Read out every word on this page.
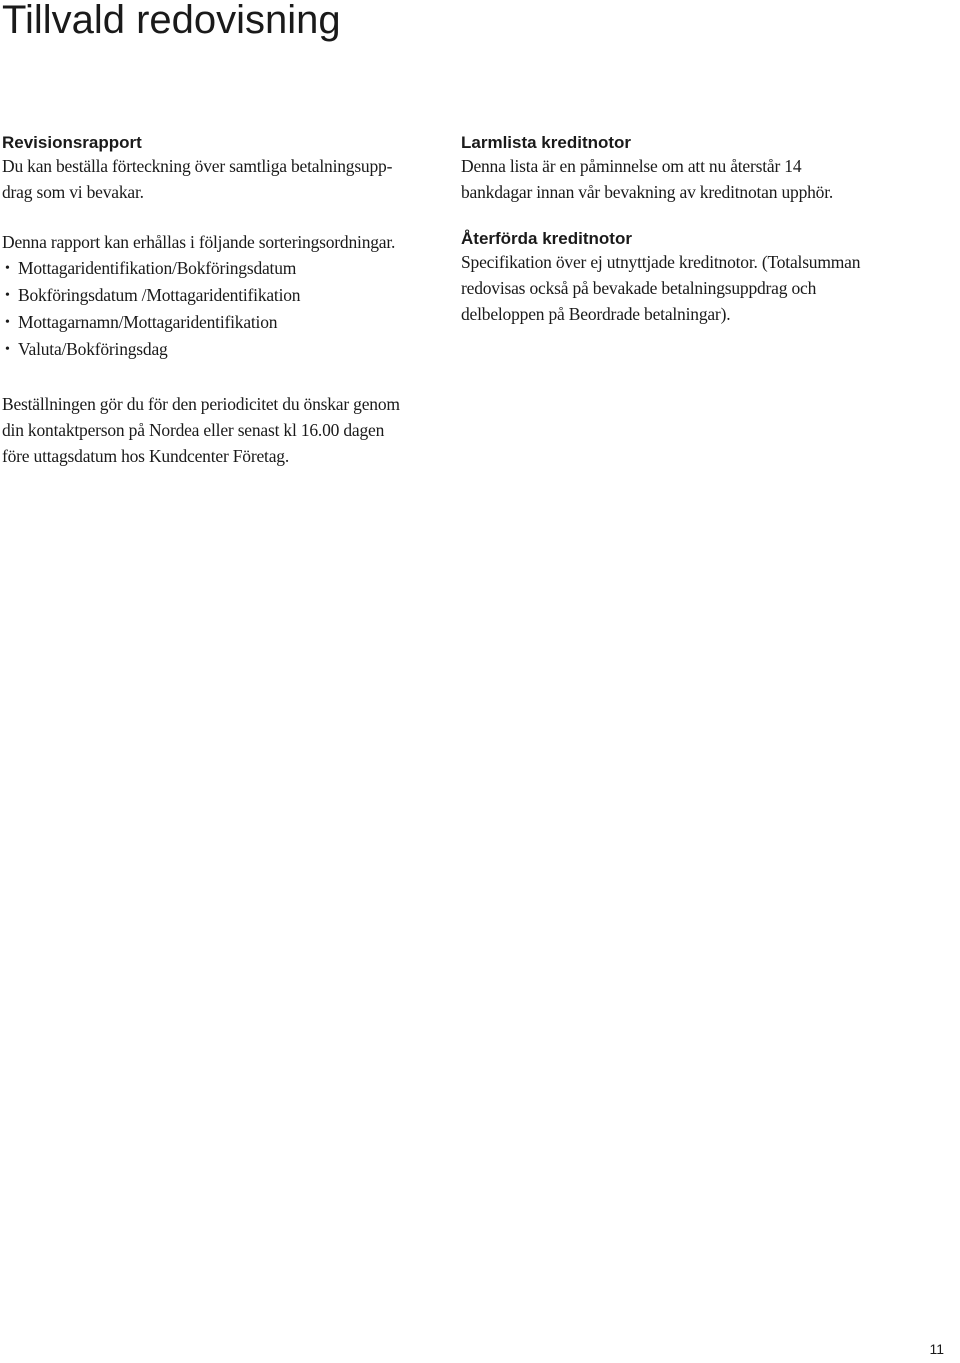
Tillvald redovisning
Revisionsrapport

Du kan beställa förteckning över samtliga betalningsupp-
drag som vi bevakar.

Denna rapport kan erhållas i följande sorteringsordningar.

• Mottagaridentifikation/Bokföringsdatum
• Bokföringsdatum /Mottagaridentifikation
• Mottagarnamn/Mottagaridentifikation
• Valuta/Bokföringsdag

Beställningen gör du för den periodicitet du önskar genom
din kontaktperson på Nordea eller senast kl 16.00 dagen
före uttagsdatum hos Kundcenter Företag.

Larmlista kreditnotor

Denna lista är en påminnelse om att nu återstår 14
bankdagar innan vår bevakning av kreditnotan upphör.

Återförda kreditnotor

Specifikation över ej utnyttjade kreditnotor. (Totalsumman
redovisas också på bevakade betalningsuppdrag och
delbeloppen på Beordrade betalningar).

11
